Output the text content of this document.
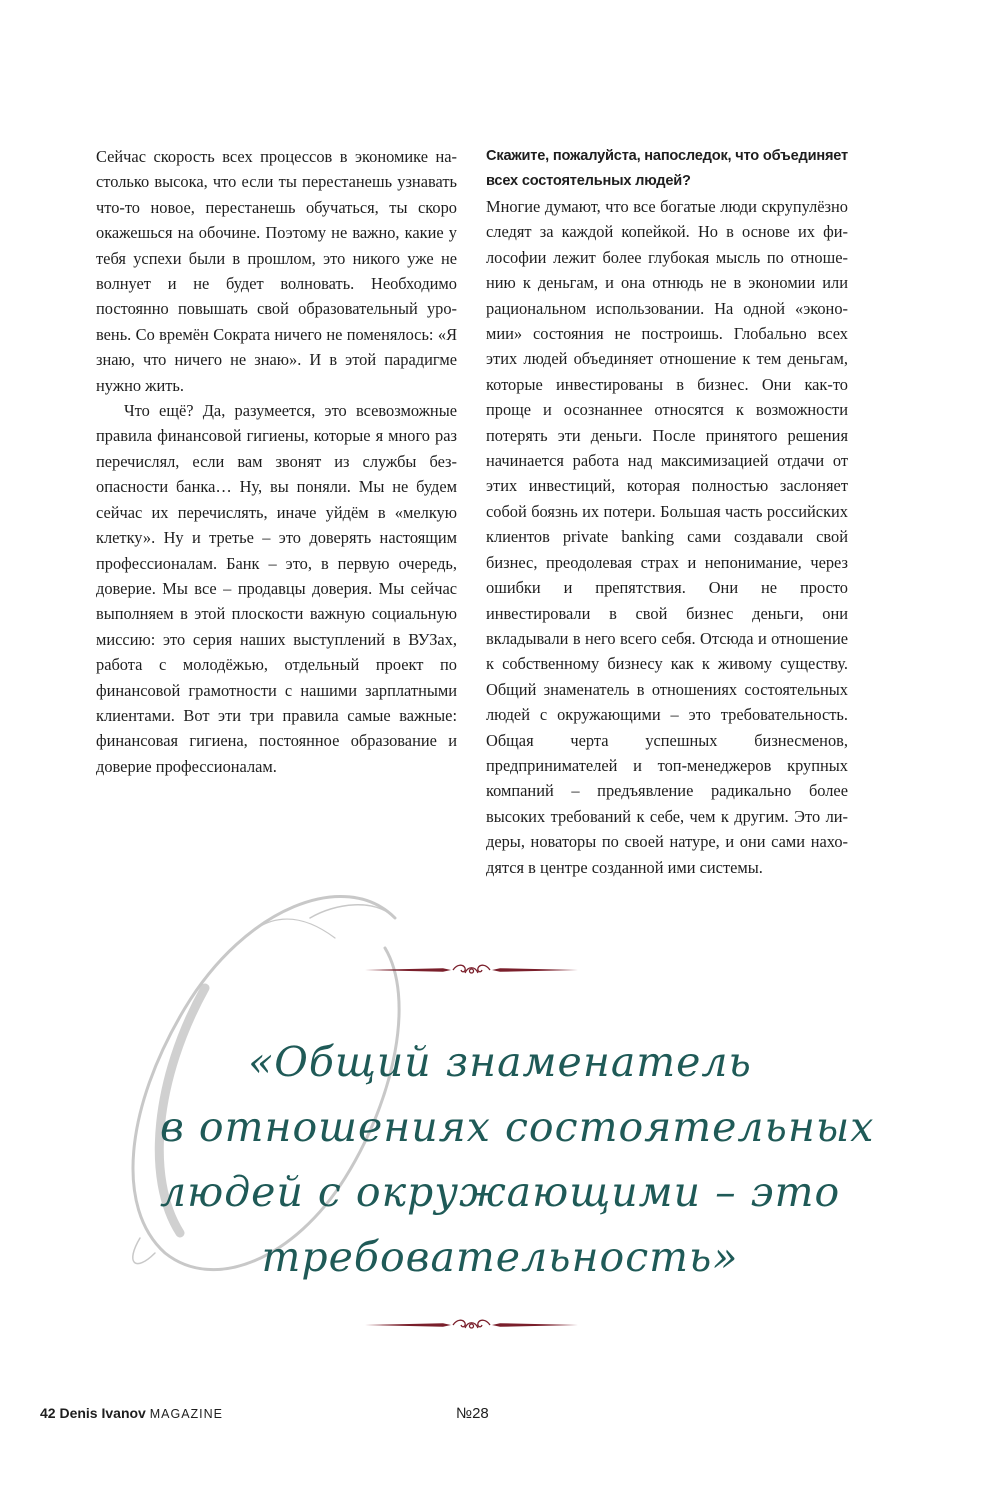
Сейчас скорость всех процессов в экономике настолько высока, что если ты перестанешь узнавать что-то новое, перестанешь обучаться, ты скоро окажешься на обочине. Поэтому не важно, какие у тебя успехи были в прошлом, это никого уже не волнует и не будет волновать. Необходимо постоянно повышать свой образовательный уровень. Со времён Сократа ничего не поменялось: «Я знаю, что ничего не знаю». И в этой парадигме нужно жить.

Что ещё? Да, разумеется, это всевозможные правила финансовой гигиены, которые я много раз перечислял, если вам звонят из службы безопасности банка… Ну, вы поняли. Мы не будем сейчас их перечислять, иначе уйдём в «мелкую клетку». Ну и третье – это доверять настоящим профессионалам. Банк – это, в первую очередь, доверие. Мы все – продавцы доверия. Мы сейчас выполняем в этой плоскости важную социальную миссию: это серия наших выступлений в ВУЗах, работа с молодёжью, отдельный проект по финансовой грамотности с нашими зарплатными клиентами. Вот эти три правила самые важные: финансовая гигиена, постоянное образование и доверие профессионалам.

Скажите, пожалуйста, напоследок, что объединяет всех состоятельных людей?

Многие думают, что все богатые люди скрупулёзно следят за каждой копейкой. Но в основе их философии лежит более глубокая мысль по отношению к деньгам, и она отнюдь не в экономии или рациональном использовании. На одной «экономии» состояния не построишь. Глобально всех этих людей объединяет отношение к тем деньгам, которые инвестированы в бизнес. Они как-то проще и осознаннее относятся к возможности потерять эти деньги. После принятого решения начинается работа над максимизацией отдачи от этих инвестиций, которая полностью заслоняет собой боязнь их потери. Большая часть российских клиентов private banking сами создавали свой бизнес, преодолевая страх и непонимание, через ошибки и препятствия. Они не просто инвестировали в свой бизнес деньги, они вкладывали в него всего себя. Отсюда и отношение к собственному бизнесу как к живому существу. Общий знаменатель в отношениях состоятельных людей с окружающими – это требовательность. Общая черта успешных бизнесменов, предпринимателей и топ-менеджеров крупных компаний – предъявление радикально более высоких требований к себе, чем к другим. Это лидеры, новаторы по своей натуре, и они сами находятся в центре созданной ими системы.

«Общий знаменатель
в отношениях состоятельных
людей с окружающими – это
требовательность»
42 Denis Ivanov MAGAZINE	№28
